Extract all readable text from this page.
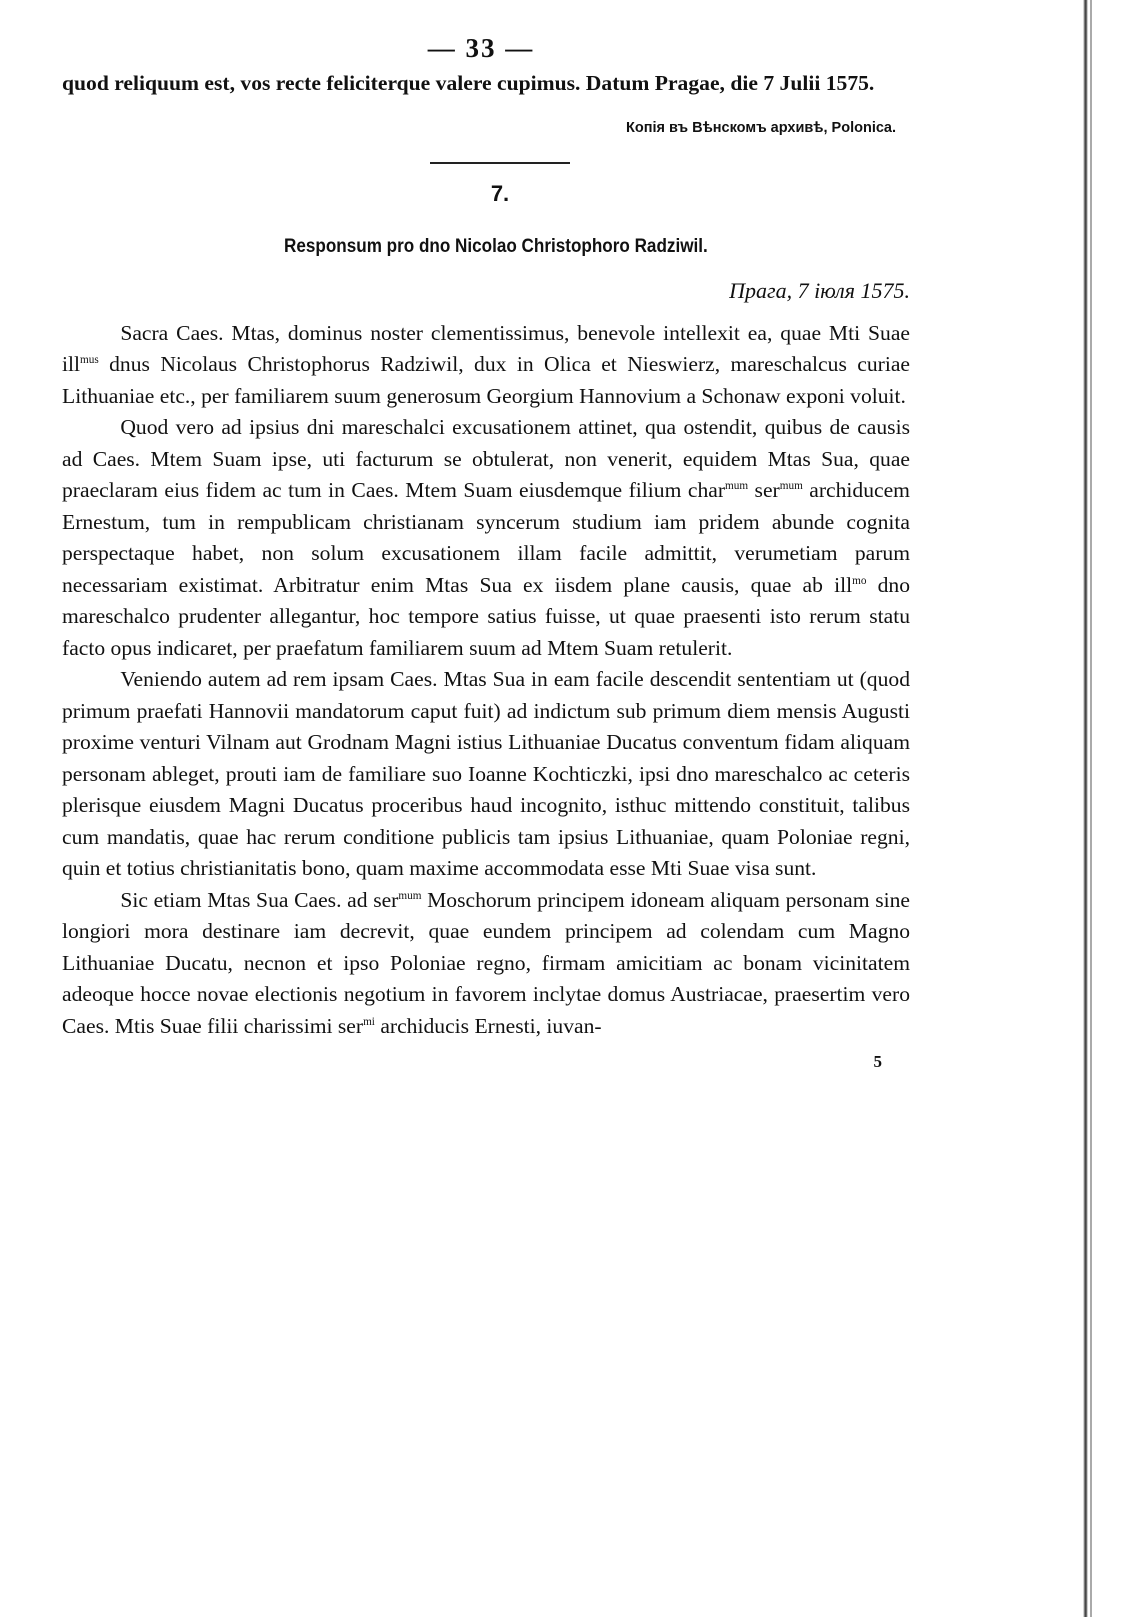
— 33 —

quod reliquum est, vos recte feliciterque valere cupimus. Datum Pragae, die 7 Julii 1575.

Копія въ Вѣнскомъ архивѣ, Polonica.
7.
Responsum pro dno Nicolao Christophoro Radziwil.
Прага, 7 іюля 1575.

Sacra Caes. Mtas, dominus noster clementissimus, benevole intellexit ea, quae Mti Suae ill$^{mus}$ dnus Nicolaus Christophorus Radziwil, dux in Olica et Nieswierz, mareschalcus curiae Lithuaniae etc., per familiarem suum generosum Georgium Hannovium a Schonaw exponi voluit.

Quod vero ad ipsius dni mareschalci excusationem attinet, qua ostendit, quibus de causis ad Caes. Mtem Suam ipse, uti facturum se obtulerat, non venerit, equidem Mtas Sua, quae praeclaram eius fidem ac tum in Caes. Mtem Suam eiusdemque filium char$^{mum}$ ser$^{mum}$ archiducem Ernestum, tum in rempublicam christianam syncerum studium iam pridem abunde cognita perspectaque habet, non solum excusationem illam facile admittit, verumetiam parum necessariam existimat. Arbitratur enim Mtas Sua ex iisdem plane causis, quae ab ill$^{mo}$ dno mareschalco prudenter allegantur, hoc tempore satius fuisse, ut quae praesenti isto rerum statu facto opus indicaret, per praefatum familiarem suum ad Mtem Suam retulerit.

Veniendo autem ad rem ipsam Caes. Mtas Sua in eam facile descendit sententiam ut (quod primum praefati Hannovii mandatorum caput fuit) ad indictum sub primum diem mensis Augusti proxime venturi Vilnam aut Grodnam Magni istius Lithuaniae Ducatus conventum fidam aliquam personam ableget, prouti iam de familiare suo Ioanne Kochticzki, ipsi dno mareschalco ac ceteris plerisque eiusdem Magni Ducatus proceribus haud incognito, isthuc mittendo constituit, talibus cum mandatis, quae hac rerum conditione publicis tam ipsius Lithuaniae, quam Poloniae regni, quin et totius christianitatis bono, quam maxime accommodata esse Mti Suae visa sunt.

Sic etiam Mtas Sua Caes. ad ser$^{mum}$ Moschorum principem idoneam aliquam personam sine longiori mora destinare iam decrevit, quae eundem principem ad colendam cum Magno Lithuaniae Ducatu, necnon et ipso Poloniae regno, firmam amicitiam ac bonam vicinitatem adeoque hocce novae electionis negotium in favorem inclytae domus Austriacae, praesertim vero Caes. Mtis Suae filii charissimi ser$^{mi}$ archiducis Ernesti, iuvan-

5
